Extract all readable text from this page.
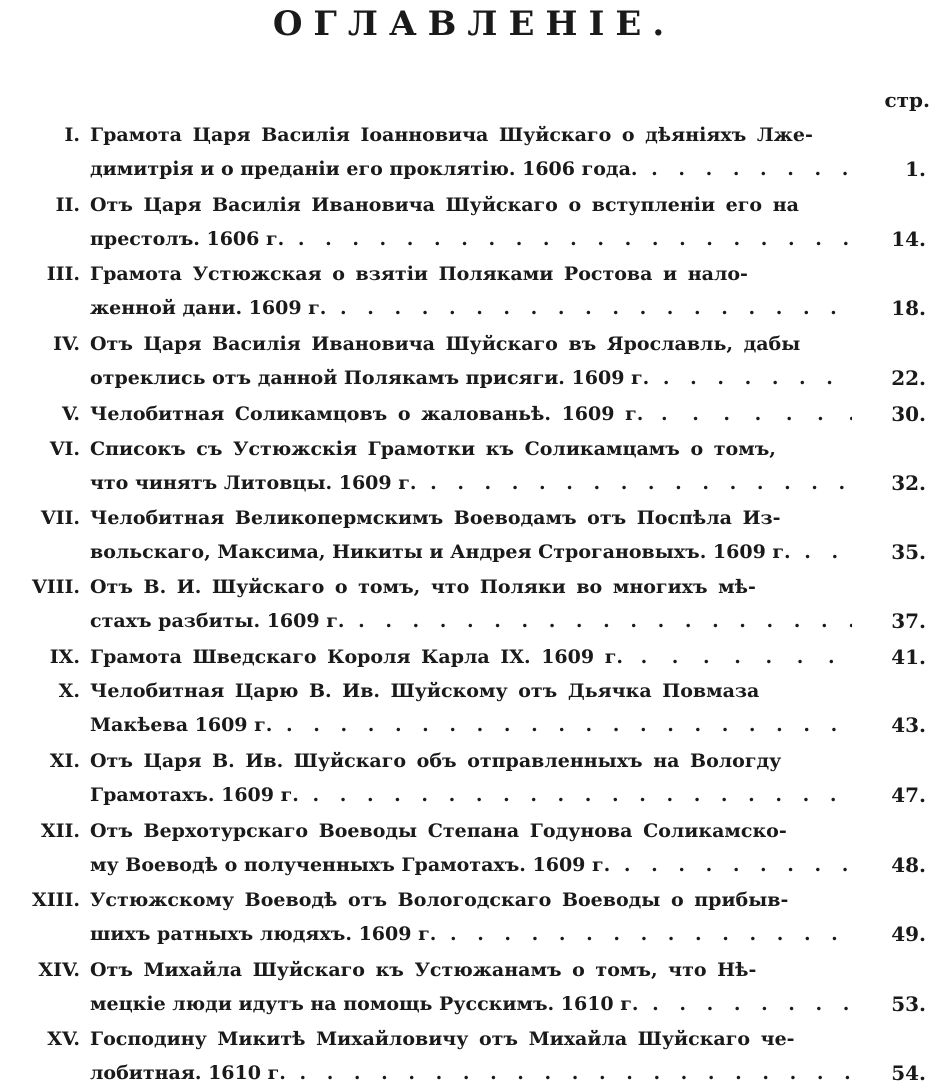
ОГЛАВЛЕНІЕ.
стр.
I. Грамота Царя Василія Іоанновича Шуйскаго о дѣяніяхъ Лже-
димитрія и о преданіи его проклятію. 1606 года. . . .	1.
II. Отъ Царя Василія Ивановича Шуйскаго о вступленіи его на
престолъ. 1606 г. . . .	14.
III. Грамота Устюжская о взятіи Поляками Ростова и нало-
женной дани. 1609 г. . . .	18.
IV. Отъ Царя Василія Ивановича Шуйскаго въ Ярославль, дабы
отреклись отъ данной Полякамъ присяги. 1609 г. . . .	22.
V. Челобитная Соликамцовъ о жалованьѣ. 1609 г. . . .	30.
VI. Списокъ съ Устюжскія Грамотки къ Соликамцамъ о томъ,
что чинятъ Литовцы. 1609 г. . . .	32.
VII. Челобитная Великопермскимъ Воеводамъ отъ Поспѣла Из-
вольскаго, Максима, Никиты и Андрея Строгановыхъ. 1609 г. . . .	35.
VIII. Отъ В. И. Шуйскаго о томъ, что Поляки во многихъ мѣ-
стахъ разбиты. 1609 г. . . .	37.
IX. Грамота Шведскаго Короля Карла IX. 1609 г. . . .	41.
X. Челобитная Царю В. Ив. Шуйскому отъ Дьячка Повмаза
Макѣева 1609 г. . . .	43.
XI. Отъ Царя В. Ив. Шуйскаго объ отправленныхъ на Вологду
Грамотахъ. 1609 г. . . .	47.
XII. Отъ Верхотурскаго Воеводы Степана Годунова Соликамско-
му Воеводѣ о полученныхъ Грамотахъ. 1609 г. . . .	48.
XIII. Устюжскому Воеводѣ отъ Вологодскаго Воеводы о прибыв-
шихъ ратныхъ людяхъ. 1609 г. . . .	49.
XIV. Отъ Михайла Шуйскаго къ Устюжанамъ о томъ, что Нѣ-
мецкіе люди идутъ на помощь Русскимъ. 1610 г. . . .	53.
XV. Господину Микитѣ Михайловичу отъ Михайла Шуйскаго че-
лобитная. 1610 г. . . .	54.
